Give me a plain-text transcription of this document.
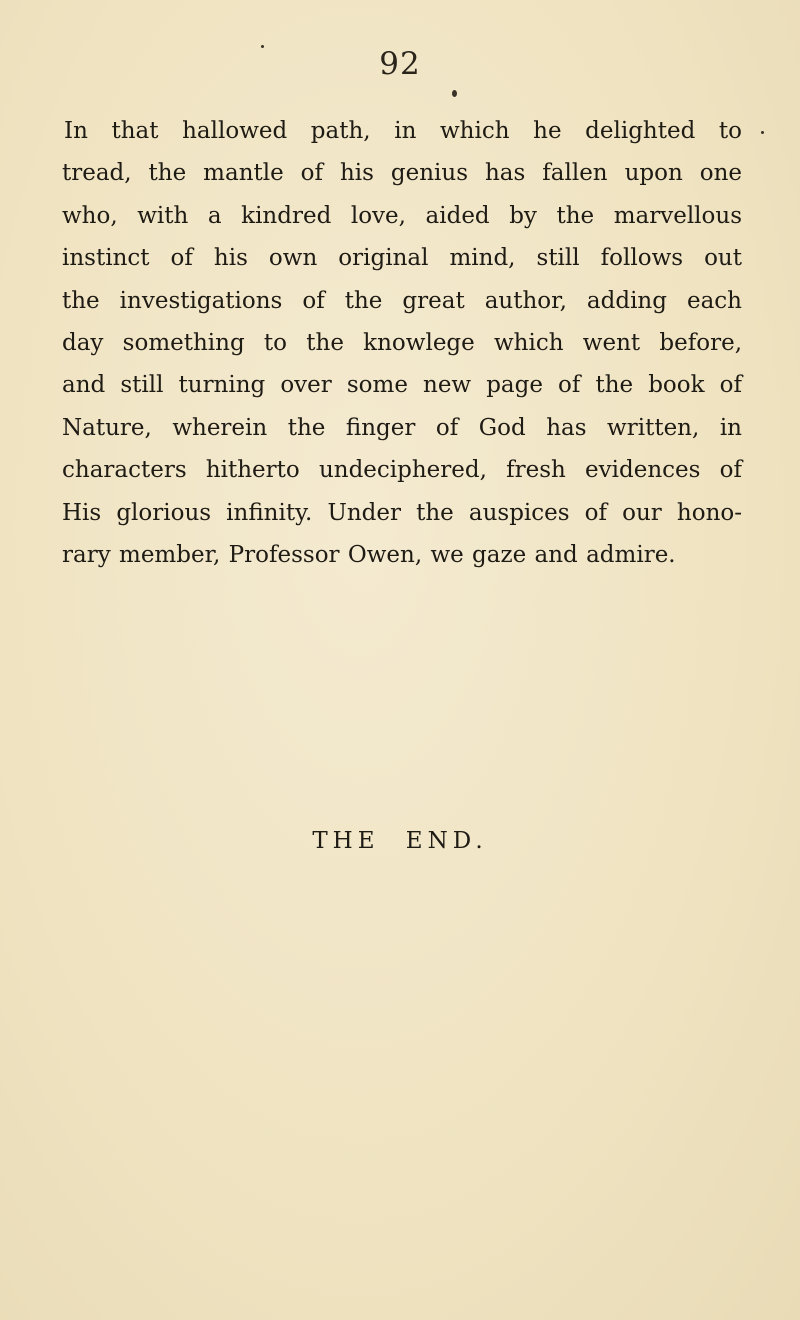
92
In that hallowed path, in which he delighted to
tread, the mantle of his genius has fallen upon one
who, with a kindred love, aided by the marvellous
instinct of his own original mind, still follows out
the investigations of the great author, adding each
day something to the knowlege which went before,
and still turning over some new page of the book of
Nature, wherein the finger of God has written, in
characters hitherto undeciphered, fresh evidences of
His glorious infinity. Under the auspices of our hono-
rary member, Professor Owen, we gaze and admire.
THE END.
